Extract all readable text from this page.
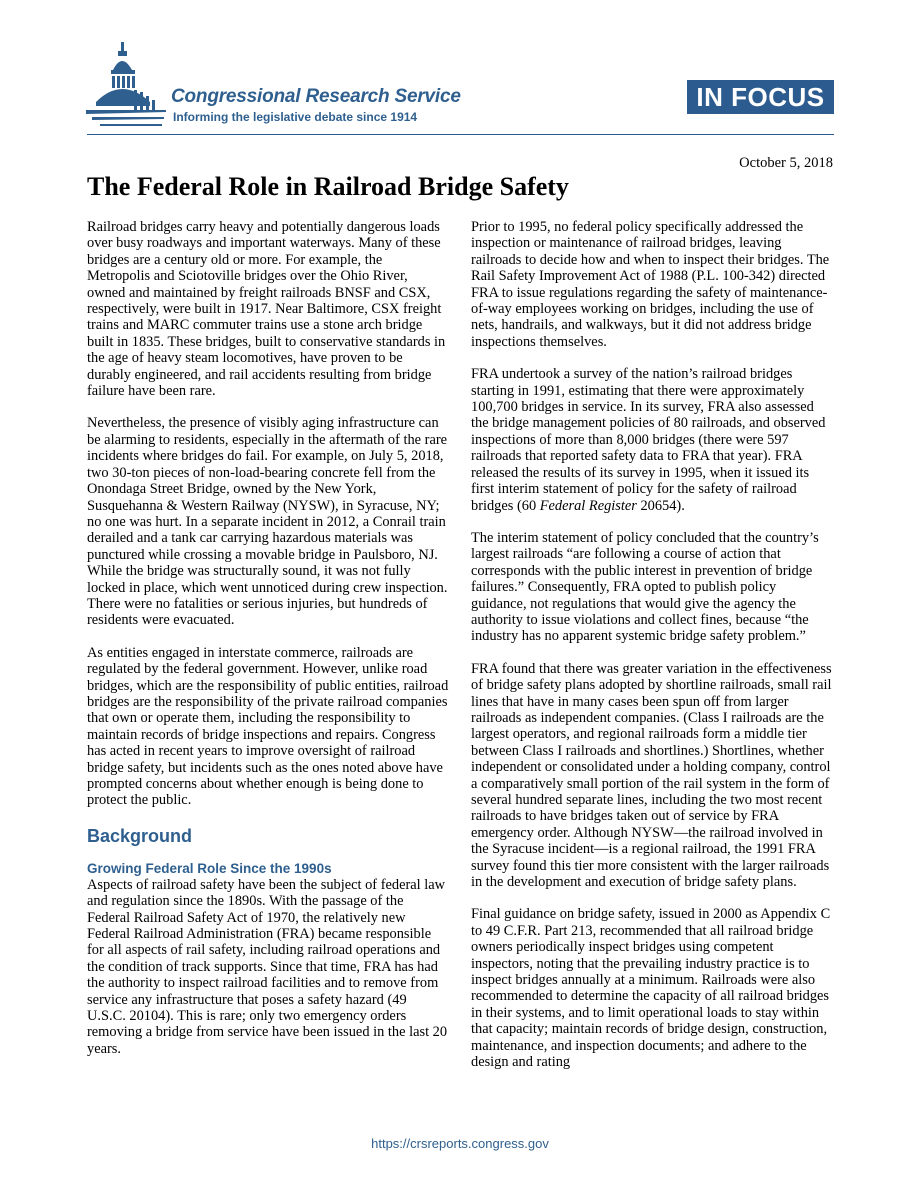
Congressional Research Service
Informing the legislative debate since 1914
IN FOCUS
October 5, 2018
The Federal Role in Railroad Bridge Safety

Railroad bridges carry heavy and potentially dangerous loads over busy roadways and important waterways. Many of these bridges are a century old or more. For example, the Metropolis and Sciotoville bridges over the Ohio River, owned and maintained by freight railroads BNSF and CSX, respectively, were built in 1917. Near Baltimore, CSX freight trains and MARC commuter trains use a stone arch bridge built in 1835. These bridges, built to conservative standards in the age of heavy steam locomotives, have proven to be durably engineered, and rail accidents resulting from bridge failure have been rare.

Nevertheless, the presence of visibly aging infrastructure can be alarming to residents, especially in the aftermath of the rare incidents where bridges do fail. For example, on July 5, 2018, two 30-ton pieces of non-load-bearing concrete fell from the Onondaga Street Bridge, owned by the New York, Susquehanna & Western Railway (NYSW), in Syracuse, NY; no one was hurt. In a separate incident in 2012, a Conrail train derailed and a tank car carrying hazardous materials was punctured while crossing a movable bridge in Paulsboro, NJ. While the bridge was structurally sound, it was not fully locked in place, which went unnoticed during crew inspection. There were no fatalities or serious injuries, but hundreds of residents were evacuated.

As entities engaged in interstate commerce, railroads are regulated by the federal government. However, unlike road bridges, which are the responsibility of public entities, railroad bridges are the responsibility of the private railroad companies that own or operate them, including the responsibility to maintain records of bridge inspections and repairs. Congress has acted in recent years to improve oversight of railroad bridge safety, but incidents such as the ones noted above have prompted concerns about whether enough is being done to protect the public.

Background
Growing Federal Role Since the 1990s

Aspects of railroad safety have been the subject of federal law and regulation since the 1890s. With the passage of the Federal Railroad Safety Act of 1970, the relatively new Federal Railroad Administration (FRA) became responsible for all aspects of rail safety, including railroad operations and the condition of track supports. Since that time, FRA has had the authority to inspect railroad facilities and to remove from service any infrastructure that poses a safety hazard (49 U.S.C. 20104). This is rare; only two emergency orders removing a bridge from service have been issued in the last 20 years.

Prior to 1995, no federal policy specifically addressed the inspection or maintenance of railroad bridges, leaving railroads to decide how and when to inspect their bridges. The Rail Safety Improvement Act of 1988 (P.L. 100-342) directed FRA to issue regulations regarding the safety of maintenance-of-way employees working on bridges, including the use of nets, handrails, and walkways, but it did not address bridge inspections themselves.

FRA undertook a survey of the nation’s railroad bridges starting in 1991, estimating that there were approximately 100,700 bridges in service. In its survey, FRA also assessed the bridge management policies of 80 railroads, and observed inspections of more than 8,000 bridges (there were 597 railroads that reported safety data to FRA that year). FRA released the results of its survey in 1995, when it issued its first interim statement of policy for the safety of railroad bridges (60 Federal Register 20654).

The interim statement of policy concluded that the country’s largest railroads “are following a course of action that corresponds with the public interest in prevention of bridge failures.” Consequently, FRA opted to publish policy guidance, not regulations that would give the agency the authority to issue violations and collect fines, because “the industry has no apparent systemic bridge safety problem.”

FRA found that there was greater variation in the effectiveness of bridge safety plans adopted by shortline railroads, small rail lines that have in many cases been spun off from larger railroads as independent companies. (Class I railroads are the largest operators, and regional railroads form a middle tier between Class I railroads and shortlines.) Shortlines, whether independent or consolidated under a holding company, control a comparatively small portion of the rail system in the form of several hundred separate lines, including the two most recent railroads to have bridges taken out of service by FRA emergency order. Although NYSW—the railroad involved in the Syracuse incident—is a regional railroad, the 1991 FRA survey found this tier more consistent with the larger railroads in the development and execution of bridge safety plans.

Final guidance on bridge safety, issued in 2000 as Appendix C to 49 C.F.R. Part 213, recommended that all railroad bridge owners periodically inspect bridges using competent inspectors, noting that the prevailing industry practice is to inspect bridges annually at a minimum. Railroads were also recommended to determine the capacity of all railroad bridges in their systems, and to limit operational loads to stay within that capacity; maintain records of bridge design, construction, maintenance, and inspection documents; and adhere to the design and rating

https://crsreports.congress.gov
